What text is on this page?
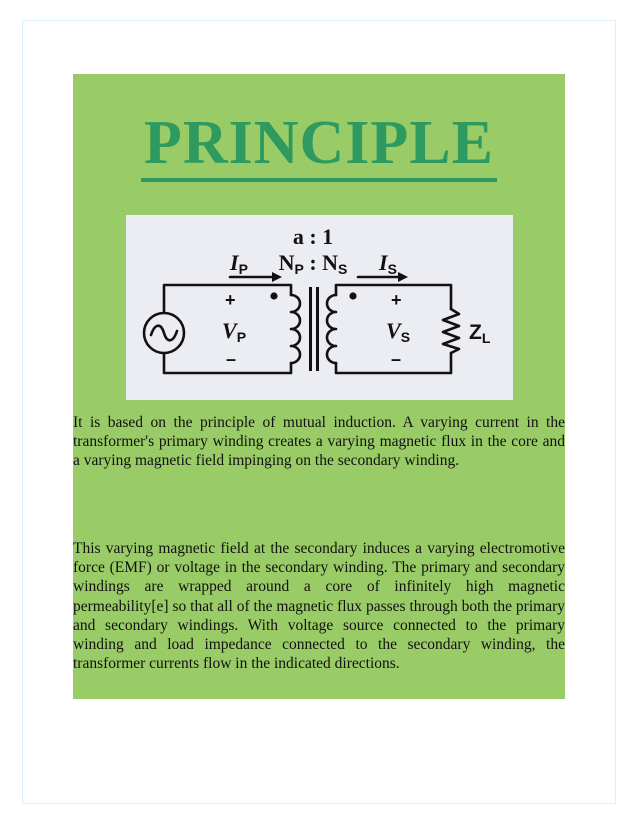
PRINCIPLE
a : 1
NP : NS
IP	IS
+	+
VP	VS
–	–
ZL

It is based on the principle of mutual induction. A varying current in the transformer's primary winding creates a varying magnetic flux in the core and a varying magnetic field impinging on the secondary winding.

This varying magnetic field at the secondary induces a varying electromotive force (EMF) or voltage in the secondary winding. The primary and secondary windings are wrapped around a core of infinitely high magnetic permeability[e] so that all of the magnetic flux passes through both the primary and secondary windings. With voltage source connected to the primary winding and load impedance connected to the secondary winding, the transformer currents flow in the indicated directions.
